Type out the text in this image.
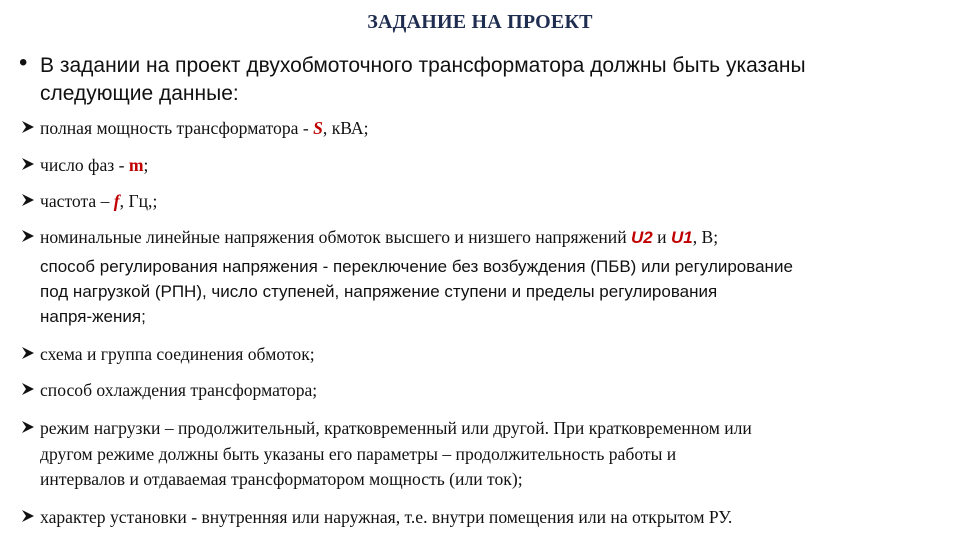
ЗАДАНИЕ НА ПРОЕКТ
• В задании на проект двухобмоточного трансформатора должны быть указаны
следующие данные:
полная мощность трансформатора - S, кВА;
число фаз - m;
частота – f, Гц,;
номинальные линейные напряжения обмоток высшего и низшего напряжений U2 и U1, В;
способ регулирования напряжения ‑ переключение без возбуждения (ПБВ) или регулирование
под нагрузкой (РПН), число ступеней, напряжение ступени и пределы регулирования
напря-жения;
схема и группа соединения обмоток;
способ охлаждения трансформатора;
режим нагрузки – продолжительный, кратковременный или другой. При кратковременном или
другом режиме должны быть указаны его параметры – продолжительность работы и
интервалов и отдаваемая трансформатором мощность (или ток);
характер установки - внутренняя или наружная, т.е. внутри помещения или на открытом РУ.
